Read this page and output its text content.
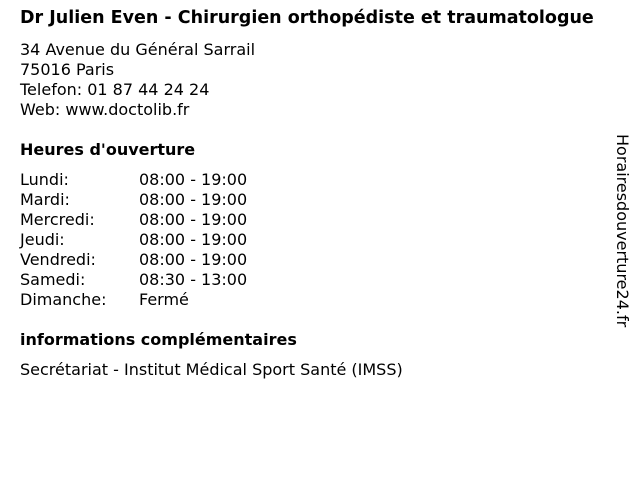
Dr Julien Even - Chirurgien orthopédiste et traumatologue
34 Avenue du Général Sarrail
75016 Paris
Telefon: 01 87 44 24 24
Web: www.doctolib.fr
Heures d'ouverture
Lundi:	08:00 - 19:00
Mardi:	08:00 - 19:00
Mercredi:	08:00 - 19:00
Jeudi:	08:00 - 19:00
Vendredi:	08:00 - 19:00
Samedi:	08:30 - 13:00
Dimanche:	Fermé
informations complémentaires
Secrétariat - Institut Médical Sport Santé (IMSS)
Horairesdouverture24.fr
